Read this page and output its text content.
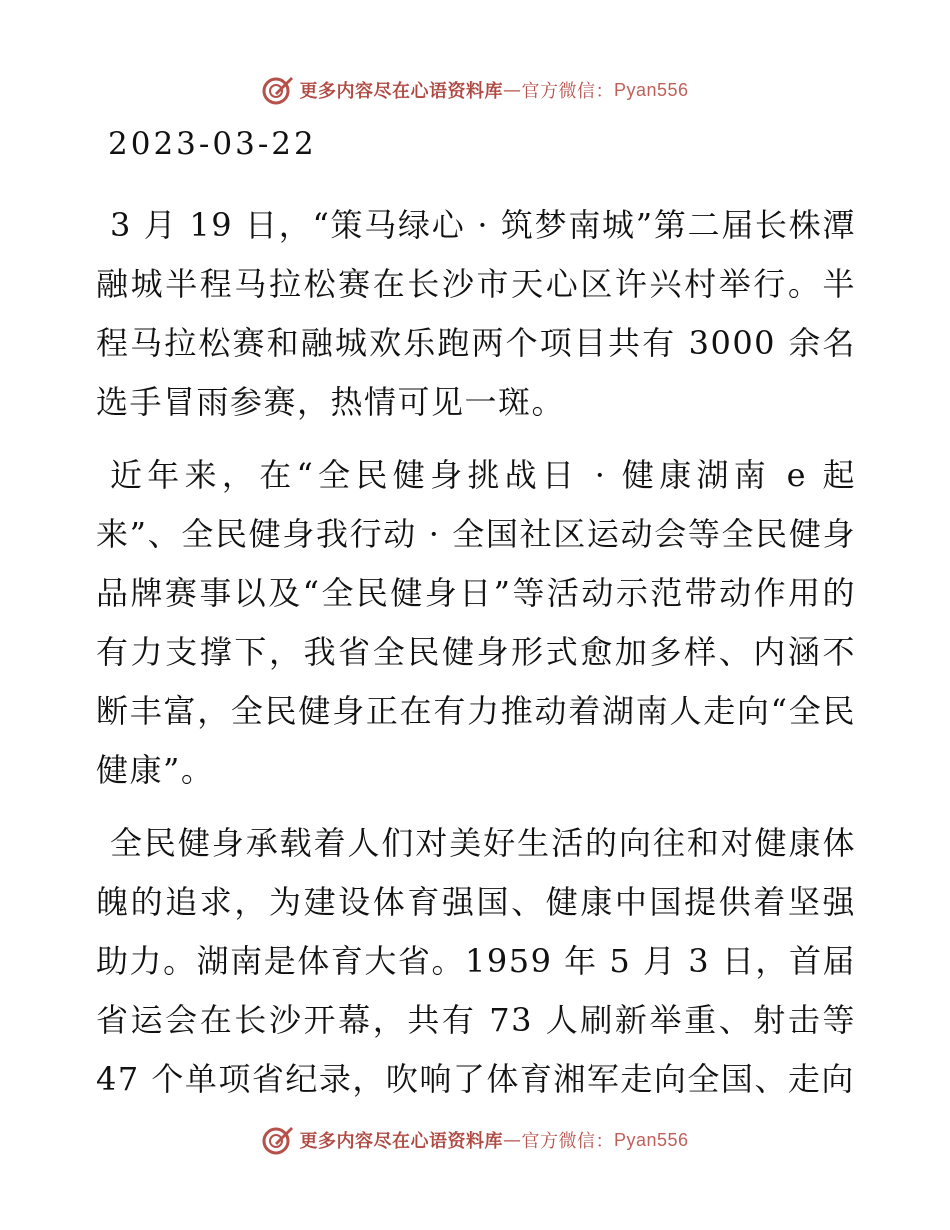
更多内容尽在心语资料库 — 官方微信： Pyan556
2023-03-22

3 月 19 日，“策马绿心 · 筑梦南城”第二届长株潭融城半程马拉松赛在长沙市天心区许兴村举行。半程马拉松赛和融城欢乐跑两个项目共有 3000 余名选手冒雨参赛，热情可见一斑。

近年来，在“全民健身挑战日 · 健康湖南 e 起来”、全民健身我行动 · 全国社区运动会等全民健身品牌赛事以及“全民健身日”等活动示范带动作用的有力支撑下，我省全民健身形式愈加多样、内涵不断丰富，全民健身正在有力推动着湖南人走向“全民健康”。

全民健身承载着人们对美好生活的向往和对健康体魄的追求，为建设体育强国、健康中国提供着坚强助力。湖南是体育大省。1959 年 5 月 3 日，首届省运会在长沙开幕，共有 73 人刷新举重、射击等 47 个单项省纪录，吹响了体育湘军走向全国、走向

更多内容尽在心语资料库 — 官方微信： Pyan556
